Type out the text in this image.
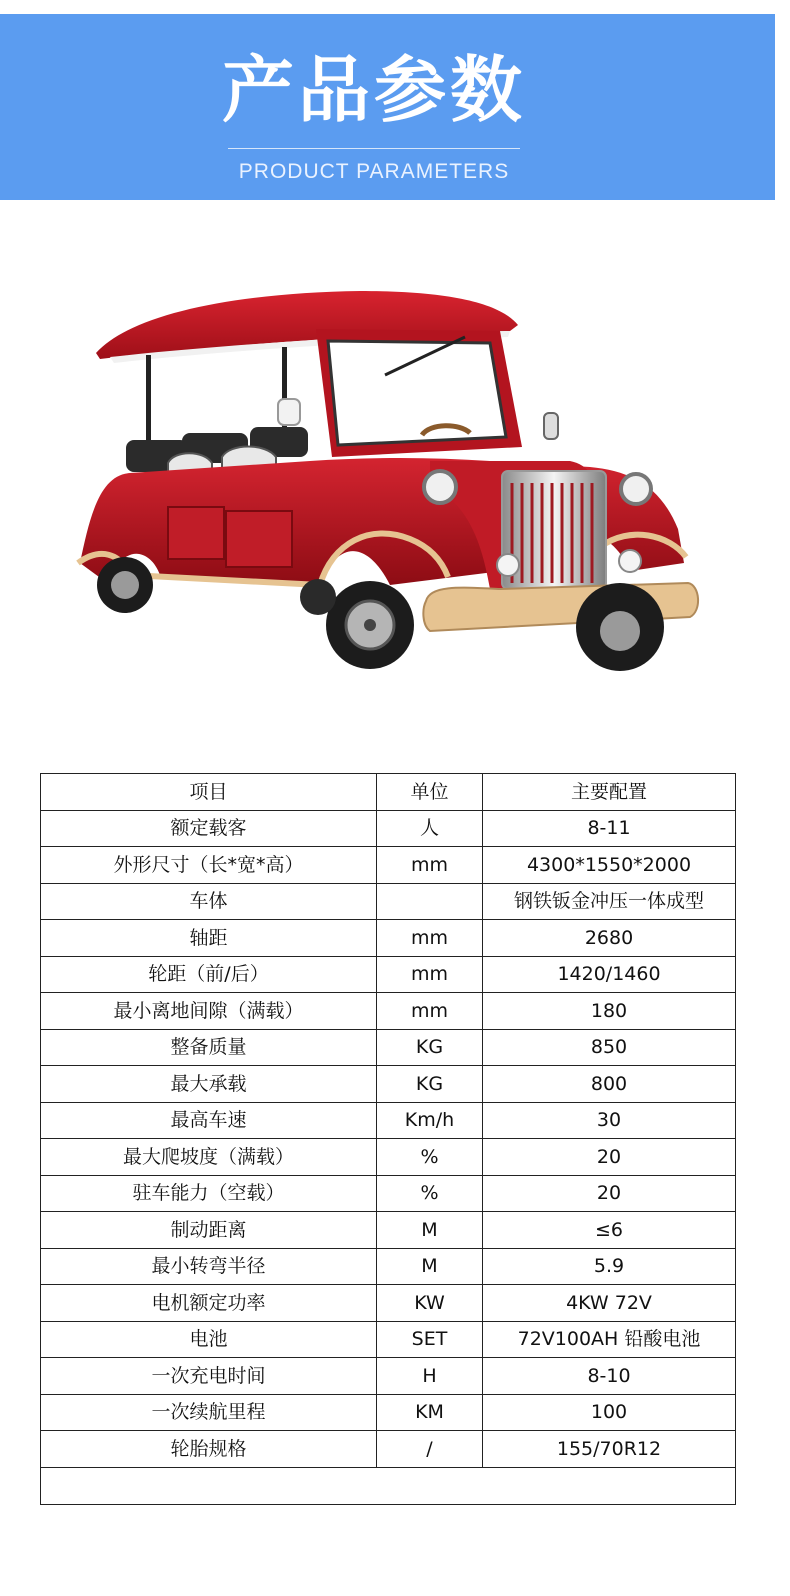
产品参数
PRODUCT PARAMETERS
项目	单位	主要配置
额定载客	人	8-11
外形尺寸（长*宽*高）	mm	4300*1550*2000
车体		钢铁钣金冲压一体成型
轴距	mm	2680
轮距（前/后）	mm	1420/1460
最小离地间隙（满载）	mm	180
整备质量	KG	850
最大承载	KG	800
最高车速	Km/h	30
最大爬坡度（满载）	%	20
驻车能力（空载）	%	20
制动距离	M	≤6
最小转弯半径	M	5.9
电机额定功率	KW	4KW 72V
电池	SET	72V100AH 铅酸电池
一次充电时间	H	8-10
一次续航里程	KM	100
轮胎规格	/	155/70R12
